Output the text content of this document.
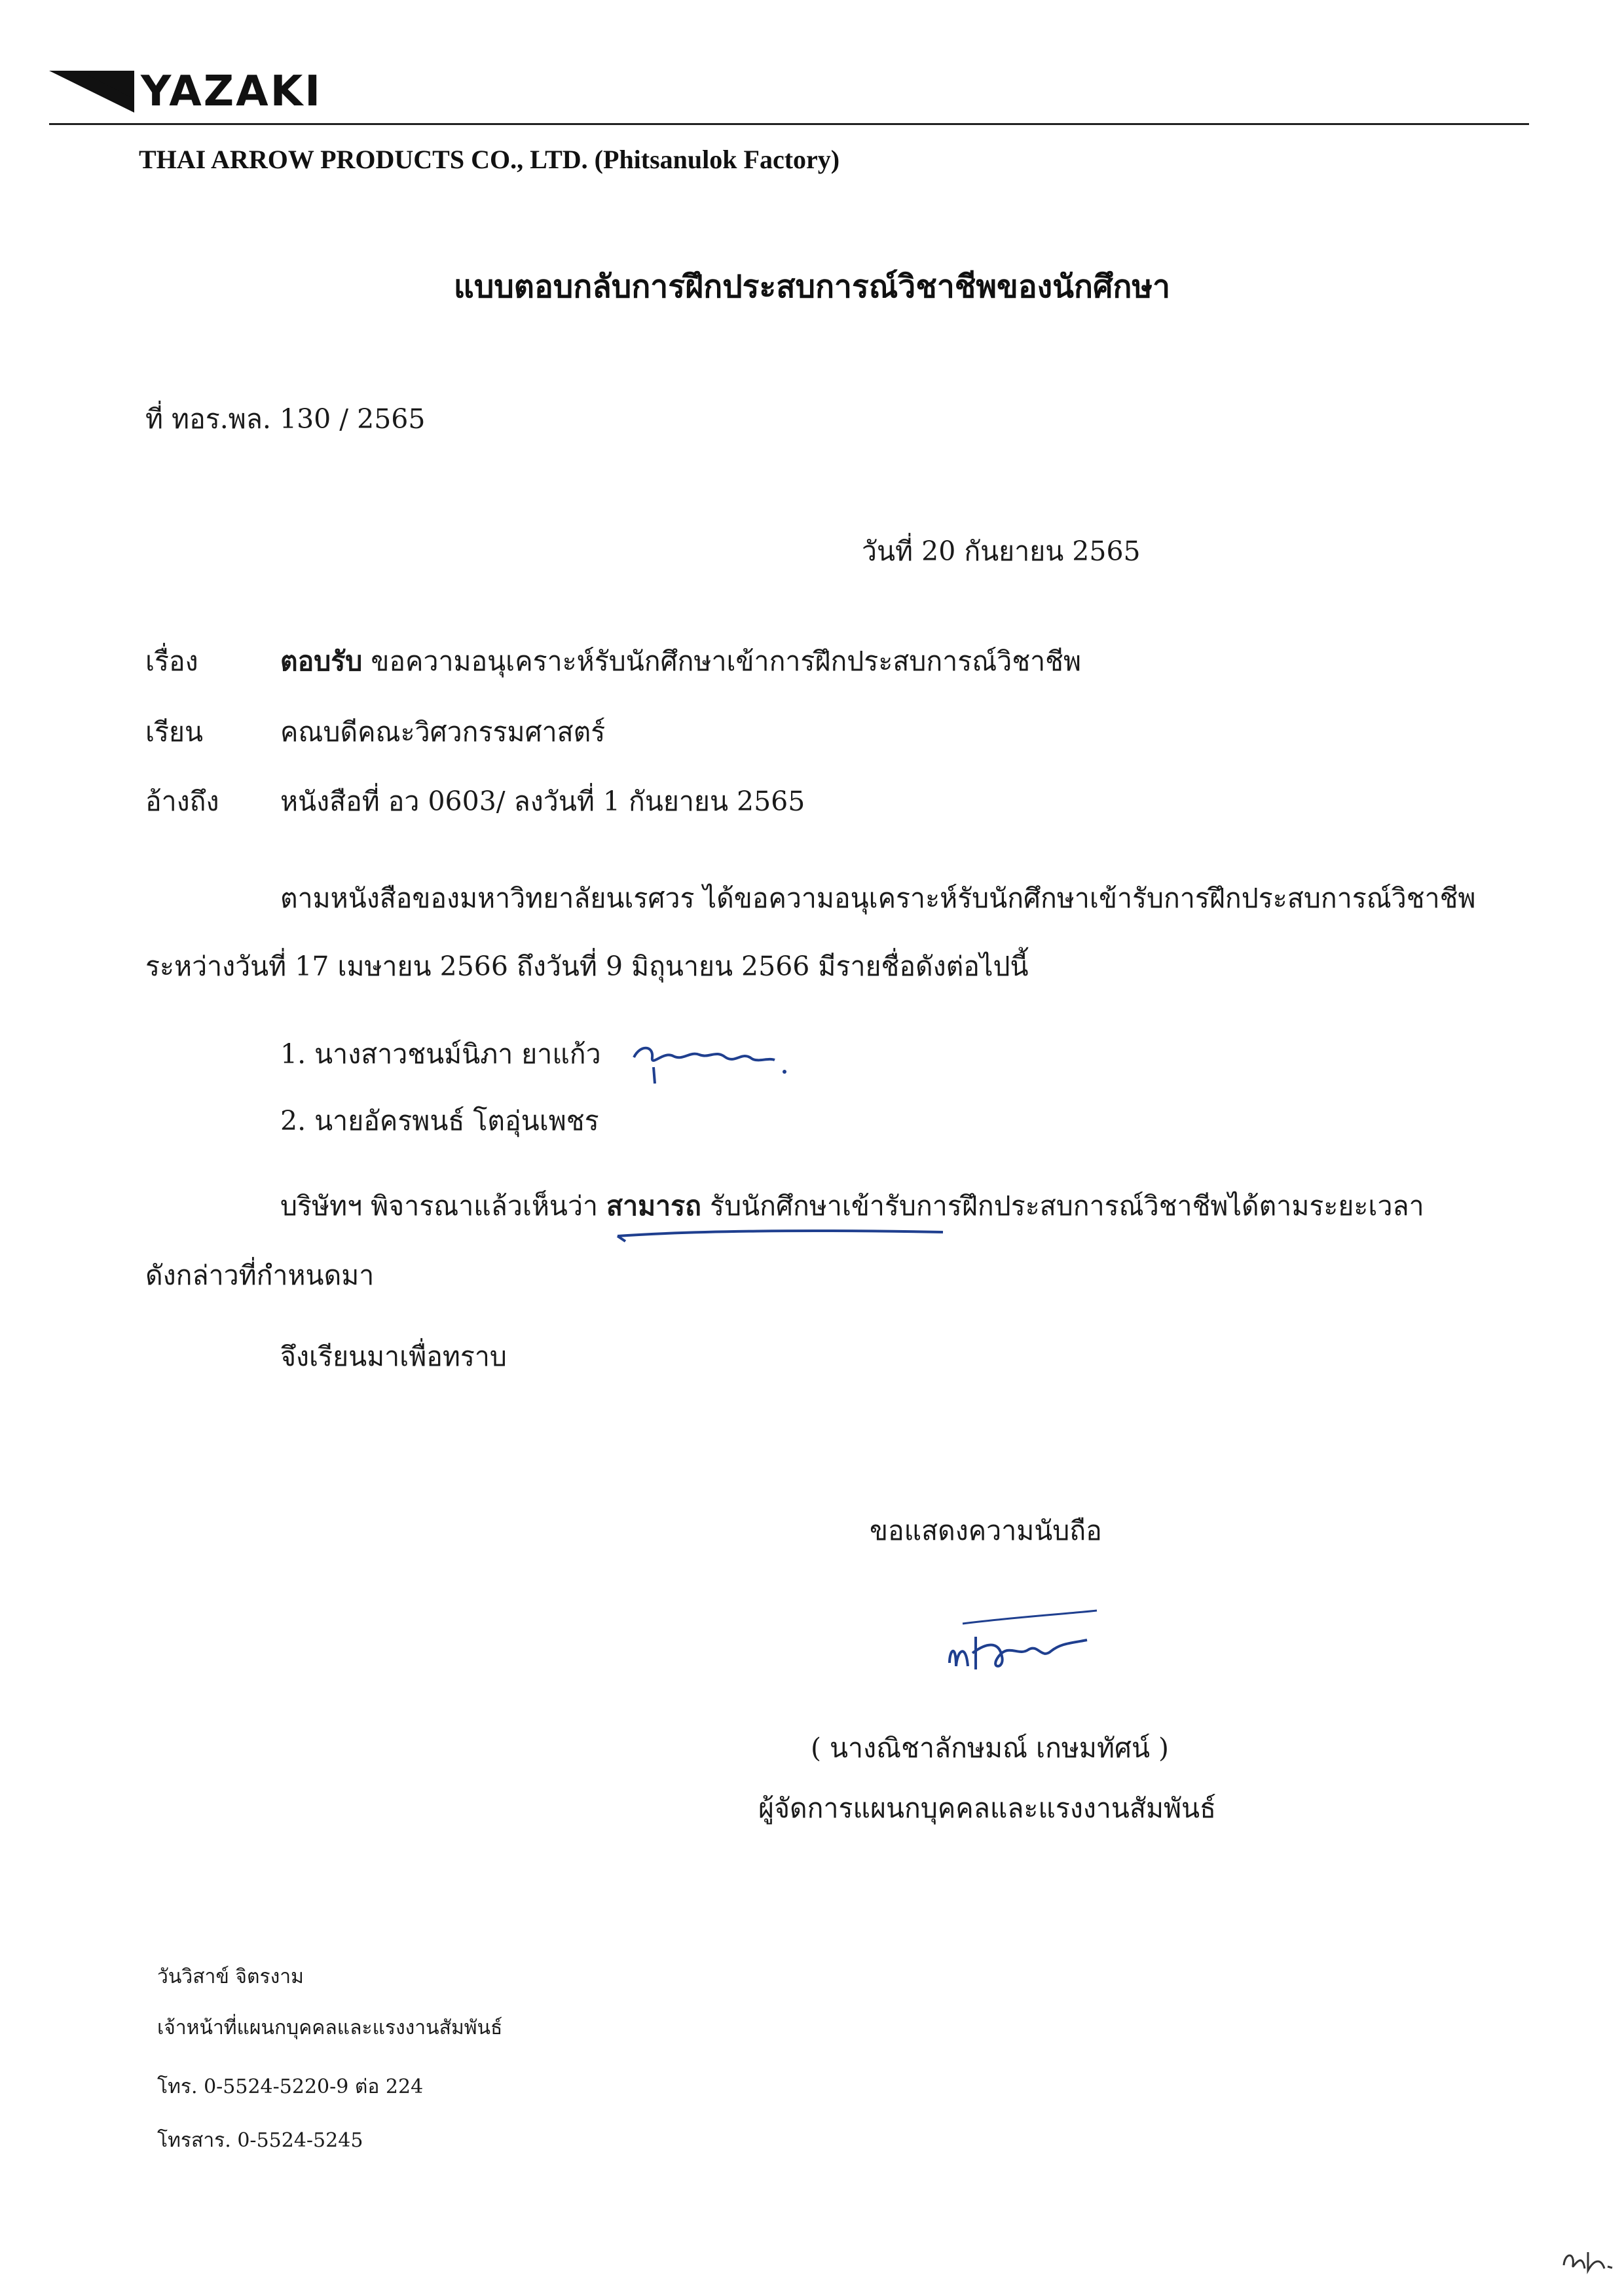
YAZAKI
THAI ARROW PRODUCTS CO., LTD. (Phitsanulok Factory)
แบบตอบกลับการฝึกประสบการณ์วิชาชีพของนักศึกษา
ที่ ทอร.พล. 130 / 2565
วันที่ 20 กันยายน 2565
เรื่อง	ตอบรับ ขอความอนุเคราะห์รับนักศึกษาเข้าการฝึกประสบการณ์วิชาชีพ
เรียน	คณบดีคณะวิศวกรรมศาสตร์
อ้างถึง หนังสือที่ อว 0603/ ลงวันที่ 1 กันยายน 2565
ตามหนังสือของมหาวิทยาลัยนเรศวร ได้ขอความอนุเคราะห์รับนักศึกษาเข้ารับการฝึกประสบการณ์วิชาชีพ
ระหว่างวันที่ 17 เมษายน 2566 ถึงวันที่ 9 มิถุนายน 2566 มีรายชื่อดังต่อไปนี้
1. นางสาวชนม์นิภา ยาแก้ว
2. นายอัครพนธ์ โตอุ่นเพชร
บริษัทฯ พิจารณาแล้วเห็นว่า สามารถ รับนักศึกษาเข้ารับการฝึกประสบการณ์วิชาชีพได้ตามระยะเวลา
ดังกล่าวที่กำหนดมา
จึงเรียนมาเพื่อทราบ
ขอแสดงความนับถือ
( นางณิชาลักษมณ์ เกษมทัศน์ )
ผู้จัดการแผนกบุคคลและแรงงานสัมพันธ์
วันวิสาข์ จิตรงาม
เจ้าหน้าที่แผนกบุคคลและแรงงานสัมพันธ์
โทร. 0-5524-5220-9 ต่อ 224
โทรสาร. 0-5524-5245
